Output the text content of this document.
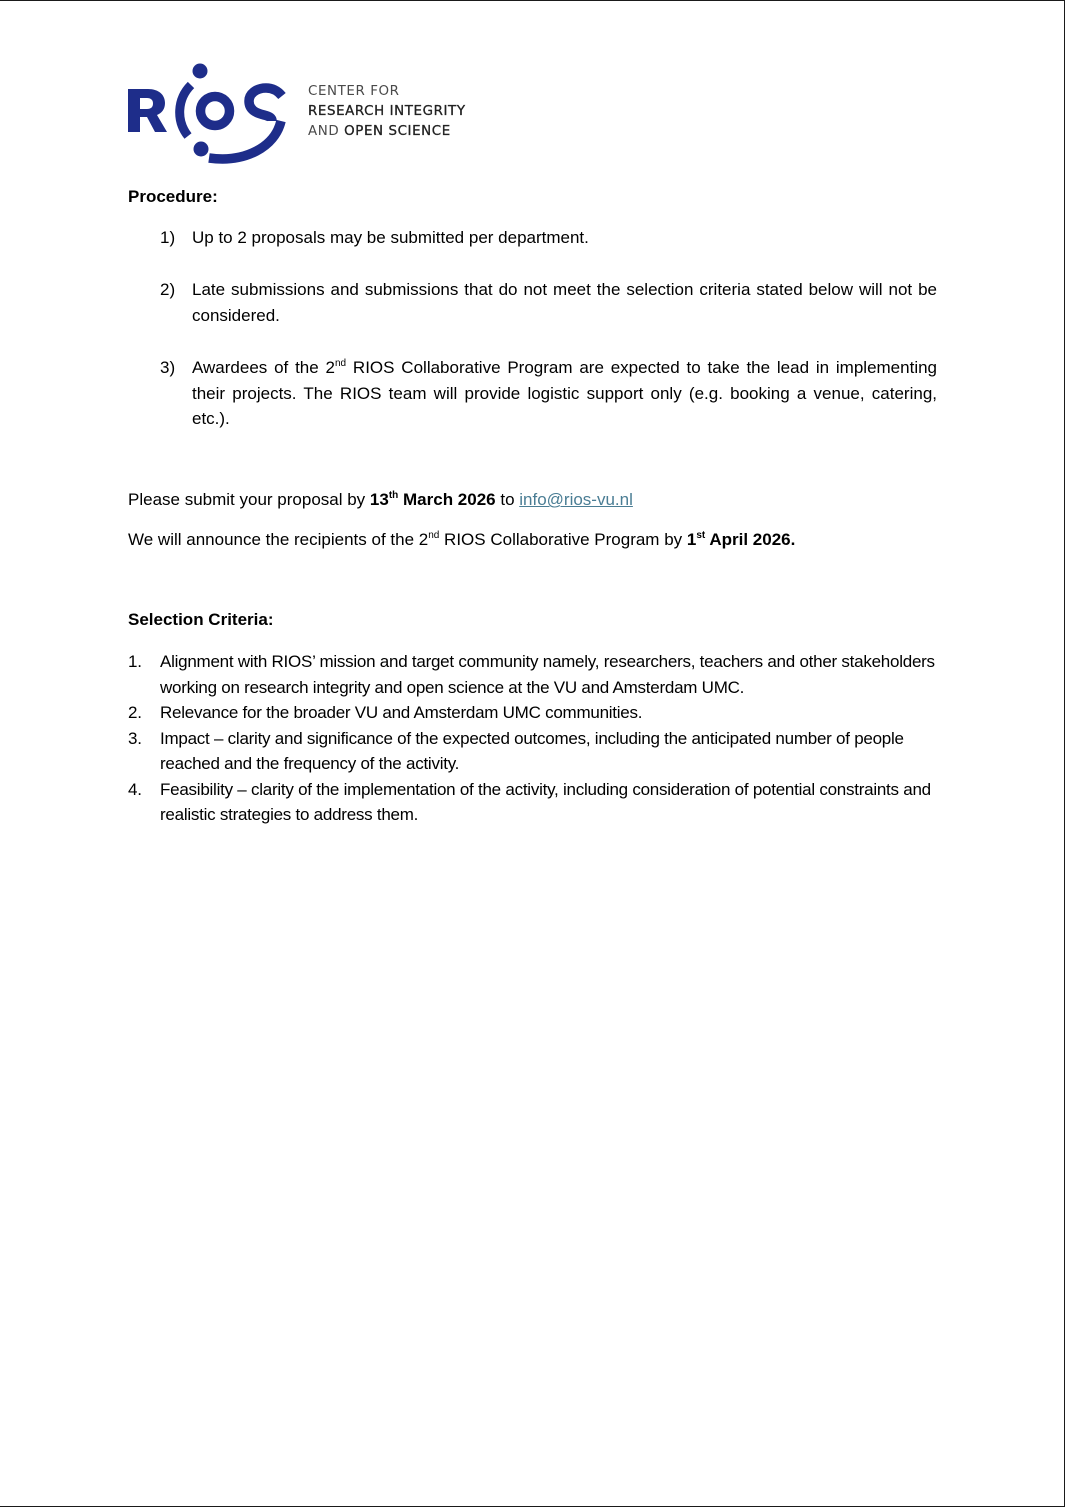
CENTER FOR
RESEARCH INTEGRITY
AND OPEN SCIENCE
Procedure:
1) Up to 2 proposals may be submitted per department.
2) Late submissions and submissions that do not meet the selection criteria stated below will not be considered.
3) Awardees of the 2nd RIOS Collaborative Program are expected to take the lead in implementing their projects. The RIOS team will provide logistic support only (e.g. booking a venue, catering, etc.).
Please submit your proposal by 13th March 2026 to info@rios-vu.nl
We will announce the recipients of the 2nd RIOS Collaborative Program by 1st April 2026.
Selection Criteria:
1. Alignment with RIOS’ mission and target community namely, researchers, teachers and other stakeholders working on research integrity and open science at the VU and Amsterdam UMC.
2. Relevance for the broader VU and Amsterdam UMC communities.
3. Impact – clarity and significance of the expected outcomes, including the anticipated number of people reached and the frequency of the activity.
4. Feasibility – clarity of the implementation of the activity, including consideration of potential constraints and realistic strategies to address them.
